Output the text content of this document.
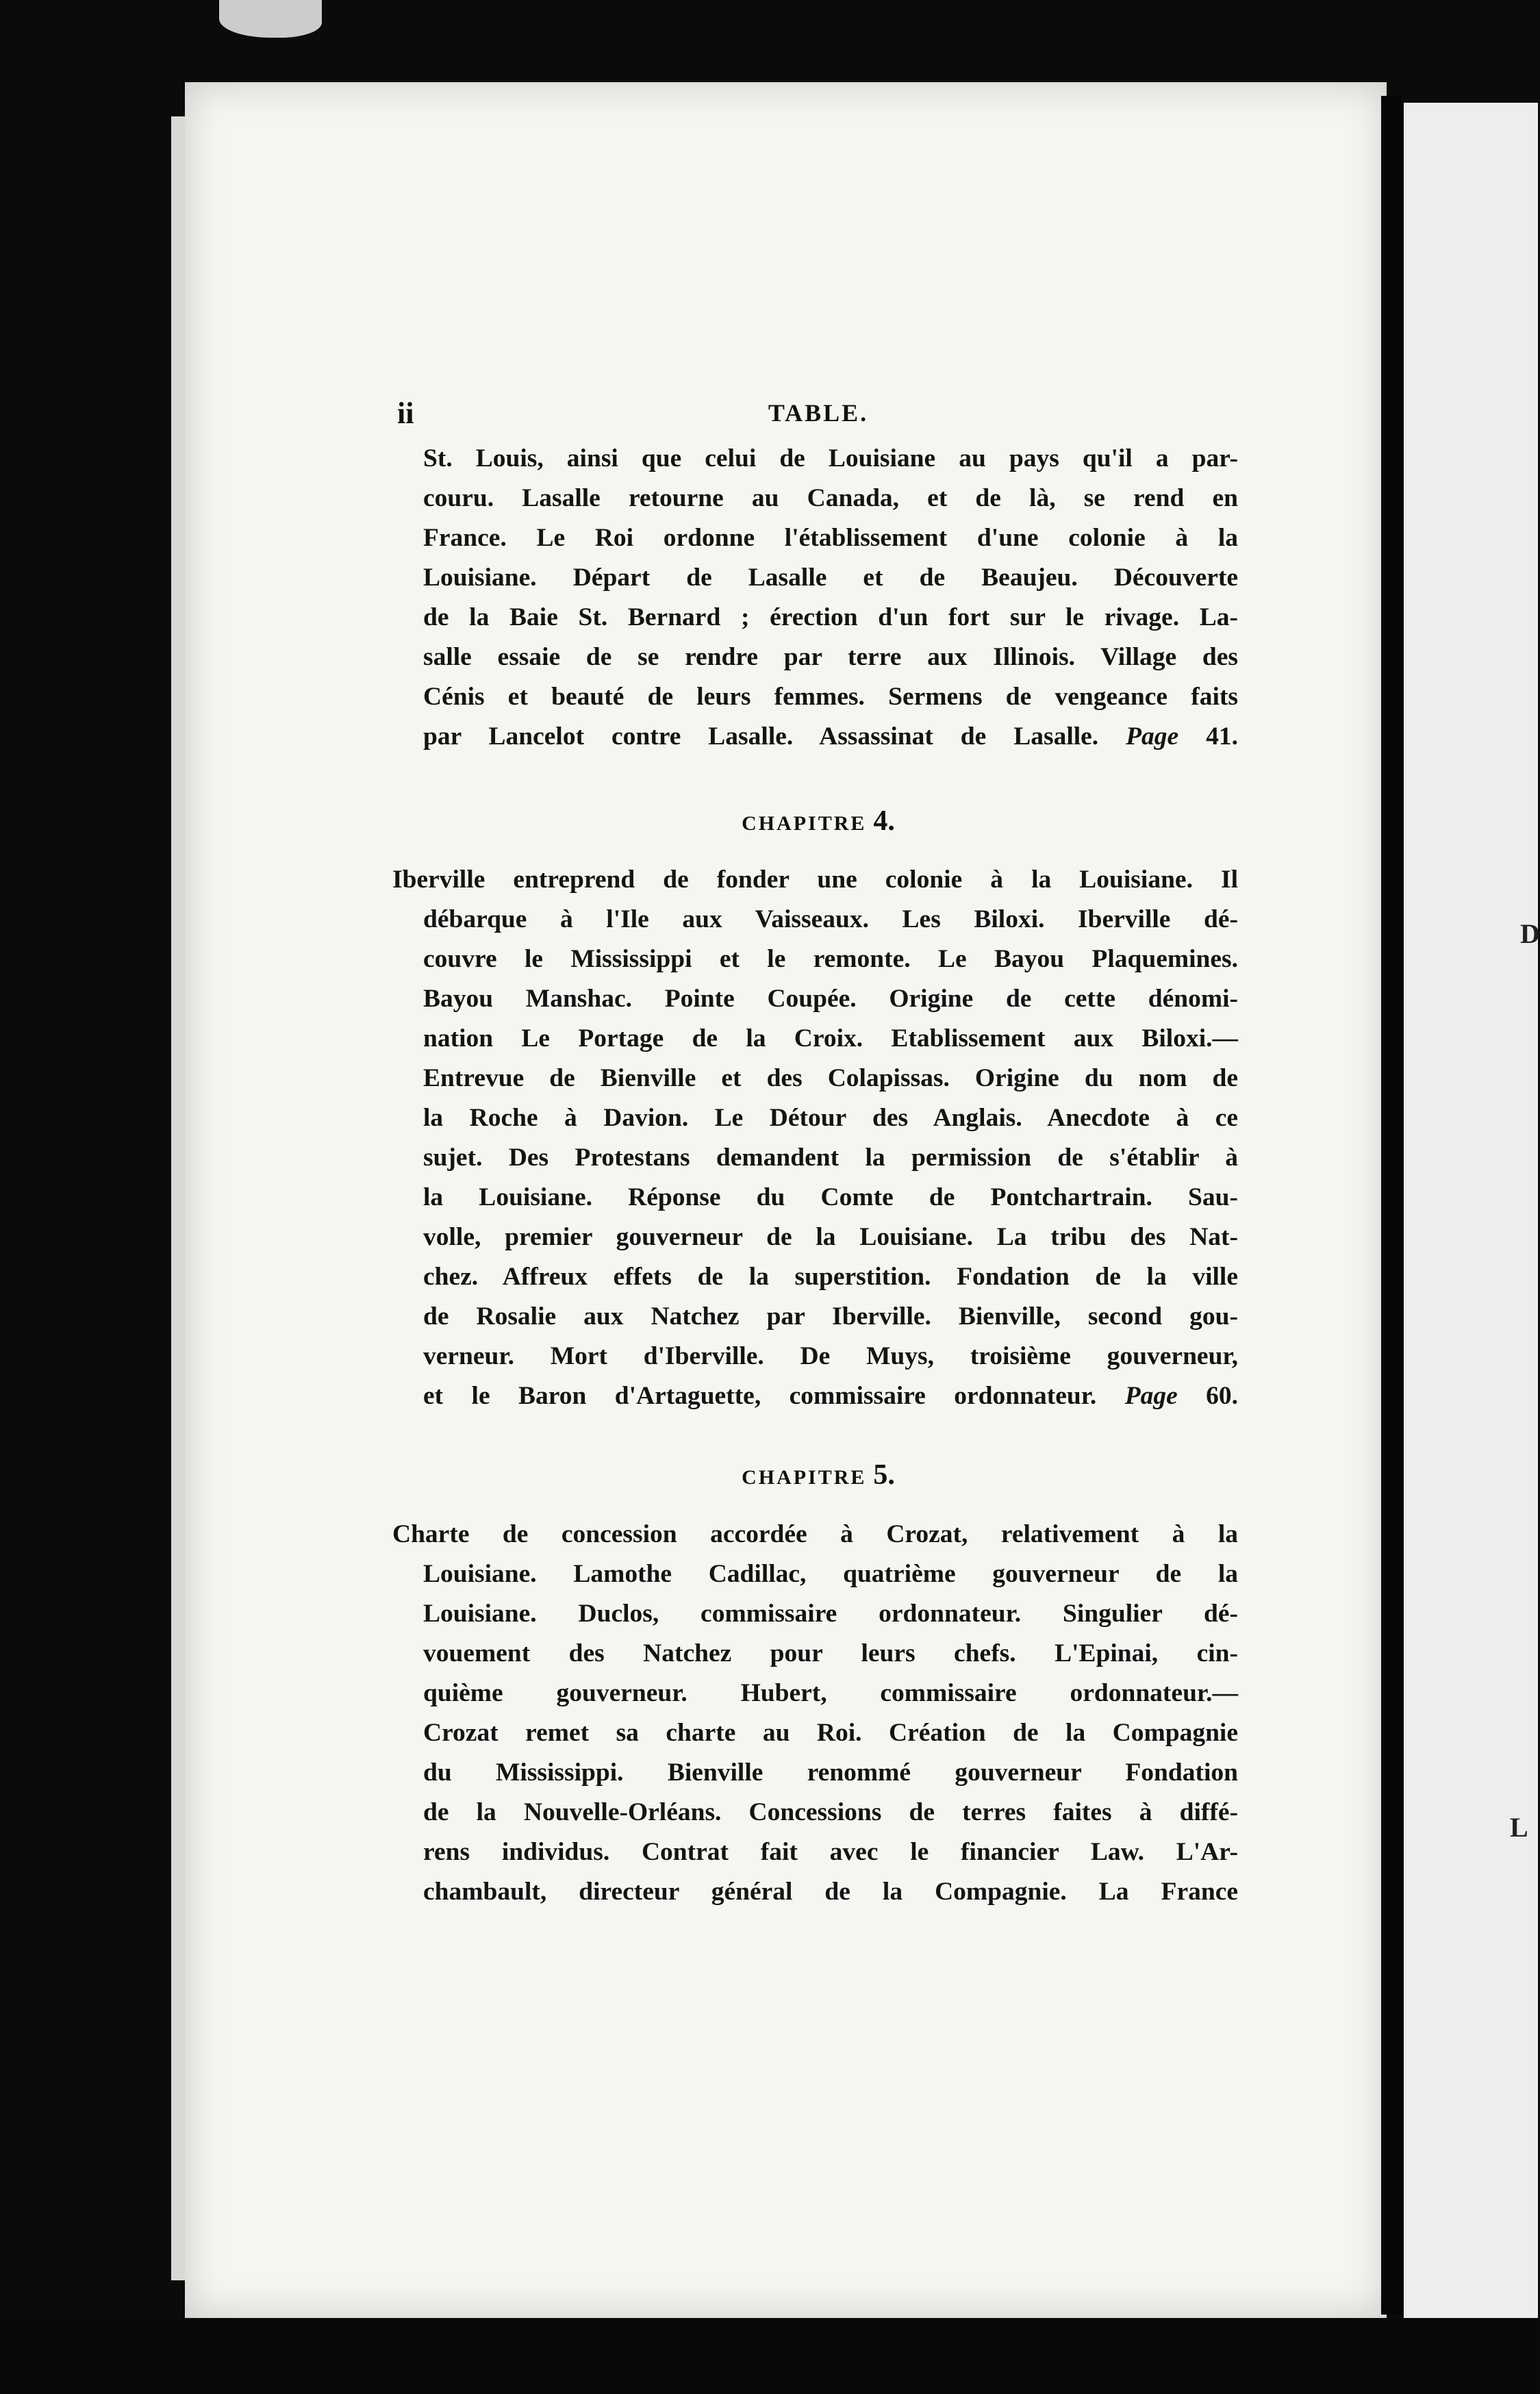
D
L
ii	TABLE.
St. Louis, ainsi que celui de Louisiane au pays qu'il a par-
couru. Lasalle retourne au Canada, et de là, se rend en
France. Le Roi ordonne l'établissement d'une colonie à la
Louisiane. Départ de Lasalle et de Beaujeu. Découverte
de la Baie St. Bernard ; érection d'un fort sur le rivage. La-
salle essaie de se rendre par terre aux Illinois. Village des
Cénis et beauté de leurs femmes. Sermens de vengeance faits
par Lancelot contre Lasalle. Assassinat de Lasalle. Page 41.
CHAPITRE 4.
Iberville entreprend de fonder une colonie à la Louisiane. Il
débarque à l'Ile aux Vaisseaux. Les Biloxi. Iberville dé-
couvre le Mississippi et le remonte. Le Bayou Plaquemines.
Bayou Manshac. Pointe Coupée. Origine de cette dénomi-
nation Le Portage de la Croix. Etablissement aux Biloxi.—
Entrevue de Bienville et des Colapissas. Origine du nom de
la Roche à Davion. Le Détour des Anglais. Anecdote à ce
sujet. Des Protestans demandent la permission de s'établir à
la Louisiane. Réponse du Comte de Pontchartrain. Sau-
volle, premier gouverneur de la Louisiane. La tribu des Nat-
chez. Affreux effets de la superstition. Fondation de la ville
de Rosalie aux Natchez par Iberville. Bienville, second gou-
verneur. Mort d'Iberville. De Muys, troisième gouverneur,
et le Baron d'Artaguette, commissaire ordonnateur. Page 60.
CHAPITRE 5.
Charte de concession accordée à Crozat, relativement à la
Louisiane. Lamothe Cadillac, quatrième gouverneur de la
Louisiane. Duclos, commissaire ordonnateur. Singulier dé-
vouement des Natchez pour leurs chefs. L'Epinai, cin-
quième gouverneur. Hubert, commissaire ordonnateur.—
Crozat remet sa charte au Roi. Création de la Compagnie
du Mississippi. Bienville renommé gouverneur Fondation
de la Nouvelle-Orléans. Concessions de terres faites à diffé-
rens individus. Contrat fait avec le financier Law. L'Ar-
chambault, directeur général de la Compagnie. La France
